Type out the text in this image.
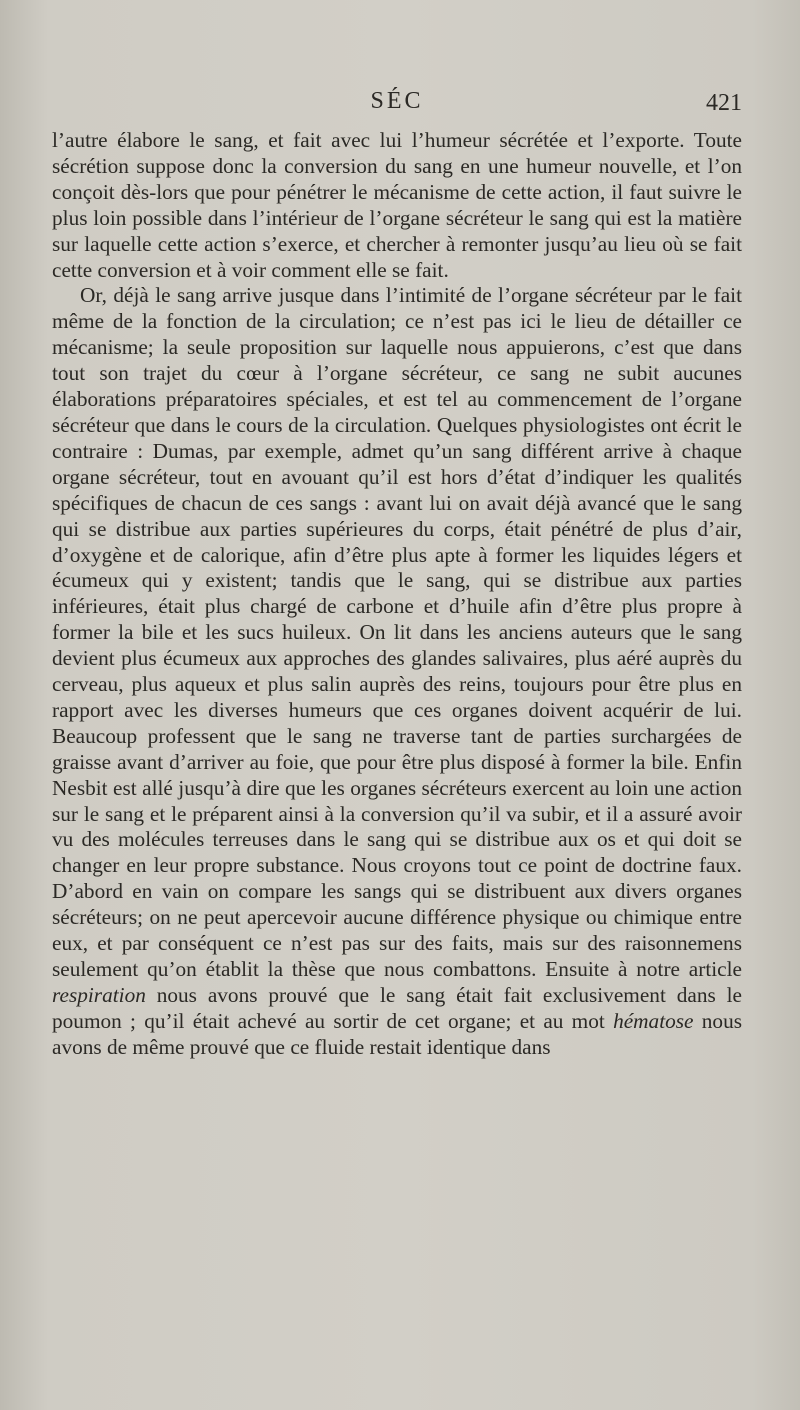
SÉC	421

l’autre élabore le sang, et fait avec lui l’humeur sécrétée et l’exporte. Toute sécrétion suppose donc la conversion du sang en une humeur nouvelle, et l’on conçoit dès-lors que pour pénétrer le mécanisme de cette action, il faut suivre le plus loin possible dans l’intérieur de l’organe sécréteur le sang qui est la matière sur laquelle cette action s’exerce, et chercher à remonter jusqu’au lieu où se fait cette conversion et à voir comment elle se fait.

Or, déjà le sang arrive jusque dans l’intimité de l’organe sécréteur par le fait même de la fonction de la circulation; ce n’est pas ici le lieu de détailler ce mécanisme; la seule proposition sur laquelle nous appuierons, c’est que dans tout son trajet du cœur à l’organe sécréteur, ce sang ne subit aucunes élaborations préparatoires spéciales, et est tel au commencement de l’organe sécréteur que dans le cours de la circulation. Quelques physiologistes ont écrit le contraire : Dumas, par exemple, admet qu’un sang différent arrive à chaque organe sécréteur, tout en avouant qu’il est hors d’état d’indiquer les qualités spécifiques de chacun de ces sangs : avant lui on avait déjà avancé que le sang qui se distribue aux parties supérieures du corps, était pénétré de plus d’air, d’oxygène et de calorique, afin d’être plus apte à former les liquides légers et écumeux qui y existent; tandis que le sang, qui se distribue aux parties inférieures, était plus chargé de carbone et d’huile afin d’être plus propre à former la bile et les sucs huileux. On lit dans les anciens auteurs que le sang devient plus écumeux aux approches des glandes salivaires, plus aéré auprès du cerveau, plus aqueux et plus salin auprès des reins, toujours pour être plus en rapport avec les diverses humeurs que ces organes doivent acquérir de lui. Beaucoup professent que le sang ne traverse tant de parties surchargées de graisse avant d’arriver au foie, que pour être plus disposé à former la bile. Enfin Nesbit est allé jusqu’à dire que les organes sécréteurs exercent au loin une action sur le sang et le préparent ainsi à la conversion qu’il va subir, et il a assuré avoir vu des molécules terreuses dans le sang qui se distribue aux os et qui doit se changer en leur propre substance. Nous croyons tout ce point de doctrine faux. D’abord en vain on compare les sangs qui se distribuent aux divers organes sécréteurs; on ne peut apercevoir aucune différence physique ou chimique entre eux, et par conséquent ce n’est pas sur des faits, mais sur des raisonnemens seulement qu’on établit la thèse que nous combattons. Ensuite à notre article respiration nous avons prouvé que le sang était fait exclusivement dans le poumon ; qu’il était achevé au sortir de cet organe; et au mot hématose nous avons de même prouvé que ce fluide restait identique dans
